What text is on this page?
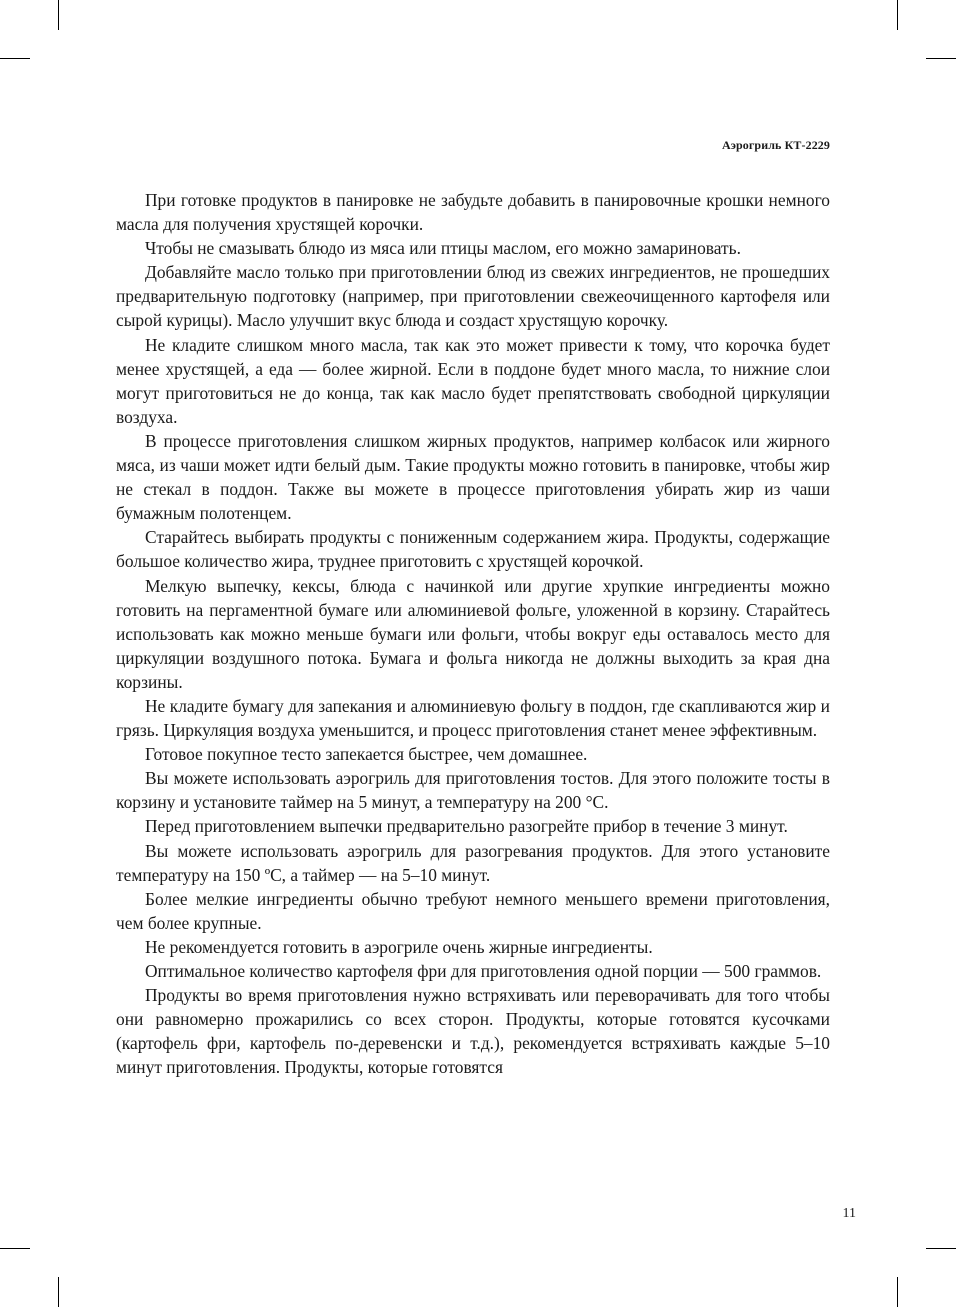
Аэрогриль КТ-2229

При готовке продуктов в панировке не забудьте добавить в панировочные крошки немного масла для получения хрустящей корочки.

Чтобы не смазывать блюдо из мяса или птицы маслом, его можно замариновать.

Добавляйте масло только при приготовлении блюд из свежих ингредиентов, не прошедших предварительную подготовку (например, при приготовлении свежеочищенного картофеля или сырой курицы). Масло улучшит вкус блюда и создаст хрустящую корочку.

Не кладите слишком много масла, так как это может привести к тому, что корочка будет менее хрустящей, а еда — более жирной. Если в поддоне будет много масла, то нижние слои могут приготовиться не до конца, так как масло будет препятствовать свободной циркуляции воздуха.

В процессе приготовления слишком жирных продуктов, например колбасок или жирного мяса, из чаши может идти белый дым. Такие продукты можно готовить в панировке, чтобы жир не стекал в поддон. Также вы можете в процессе приготовления убирать жир из чаши бумажным полотенцем.

Старайтесь выбирать продукты с пониженным содержанием жира. Продукты, содержащие большое количество жира, труднее приготовить с хрустящей корочкой.

Мелкую выпечку, кексы, блюда с начинкой или другие хрупкие ингредиенты можно готовить на пергаментной бумаге или алюминиевой фольге, уложенной в корзину. Старайтесь использовать как можно меньше бумаги или фольги, чтобы вокруг еды оставалось место для циркуляции воздушного потока. Бумага и фольга никогда не должны выходить за края дна корзины.

Не кладите бумагу для запекания и алюминиевую фольгу в поддон, где скапливаются жир и грязь. Циркуляция воздуха уменьшится, и процесс приготовления станет менее эффективным.

Готовое покупное тесто запекается быстрее, чем домашнее.

Вы можете использовать аэрогриль для приготовления тостов. Для этого положите тосты в корзину и установите таймер на 5 минут, а температуру на 200 °C.

Перед приготовлением выпечки предварительно разогрейте прибор в течение 3 минут.

Вы можете использовать аэрогриль для разогревания продуктов. Для этого установите температуру на 150 ºC, а таймер — на 5–10 минут.

Более мелкие ингредиенты обычно требуют немного меньшего времени приготовления, чем более крупные.

Не рекомендуется готовить в аэрогриле очень жирные ингредиенты.

Оптимальное количество картофеля фри для приготовления одной порции — 500 граммов.

Продукты во время приготовления нужно встряхивать или переворачивать для того чтобы они равномерно прожарились со всех сторон. Продукты, которые готовятся кусочками (картофель фри, картофель по-деревенски и т.д.), рекомендуется встряхивать каждые 5–10 минут приготовления. Продукты, которые готовятся

11
